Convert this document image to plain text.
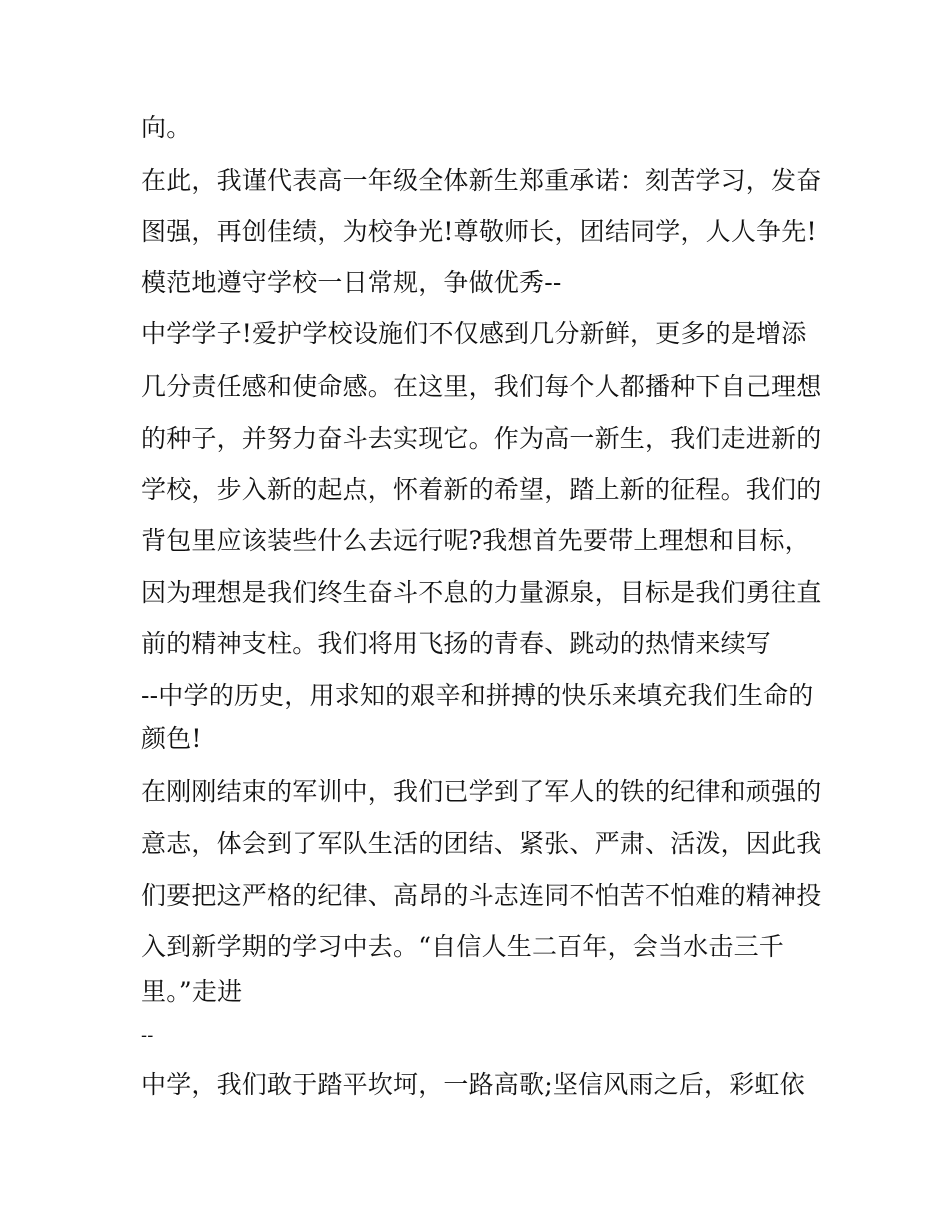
向。
在此，我谨代表高一年级全体新生郑重承诺：刻苦学习，发奋
图强，再创佳绩，为校争光!尊敬师长，团结同学，人人争先!
模范地遵守学校一日常规，争做优秀--
中学学子!爱护学校设施们不仅感到几分新鲜，更多的是增添
几分责任感和使命感。在这里，我们每个人都播种下自己理想
的种子，并努力奋斗去实现它。作为高一新生，我们走进新的
学校，步入新的起点，怀着新的希望，踏上新的征程。我们的
背包里应该装些什么去远行呢?我想首先要带上理想和目标，
因为理想是我们终生奋斗不息的力量源泉，目标是我们勇往直
前的精神支柱。我们将用飞扬的青春、跳动的热情来续写
--中学的历史，用求知的艰辛和拼搏的快乐来填充我们生命的
颜色!
在刚刚结束的军训中，我们已学到了军人的铁的纪律和顽强的
意志，体会到了军队生活的团结、紧张、严肃、活泼，因此我
们要把这严格的纪律、高昂的斗志连同不怕苦不怕难的精神投
入到新学期的学习中去。“自信人生二百年，会当水击三千
里。”走进
--
中学，我们敢于踏平坎坷，一路高歌;坚信风雨之后，彩虹依
